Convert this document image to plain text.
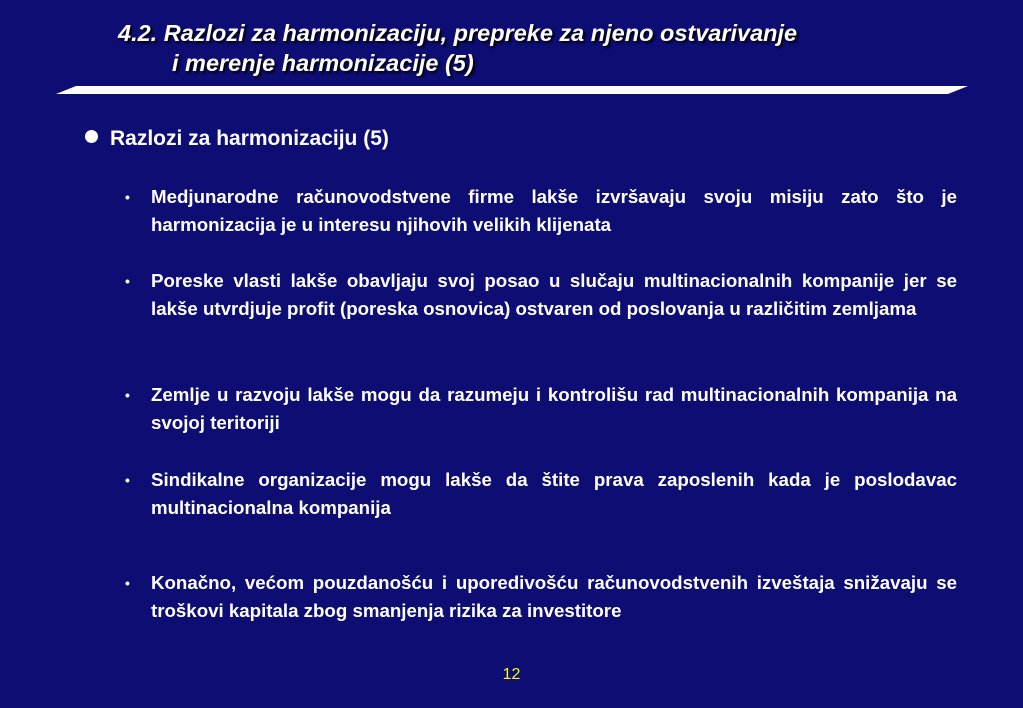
4.2. Razlozi za harmonizaciju, prepreke za njeno ostvarivanje
i merenje harmonizacije (5)
Razlozi za harmonizaciju (5)

• Medjunarodne računovodstvene firme lakše izvršavaju svoju misiju zato što je harmonizacija je u interesu njihovih velikih klijenata

• Poreske vlasti lakše obavljaju svoj posao u slučaju multinacionalnih kompanije jer se lakše utvrdjuje profit (poreska osnovica) ostvaren od poslovanja u različitim zemljama

• Zemlje u razvoju lakše mogu da razumeju i kontrolišu rad multinacionalnih kompanija na svojoj teritoriji

• Sindikalne organizacije mogu lakše da štite prava zaposlenih kada je poslodavac multinacionalna kompanija

• Konačno, većom pouzdanošću i uporedivošću računovodstvenih izveštaja snižavaju se troškovi kapitala zbog smanjenja rizika za investitore

12
